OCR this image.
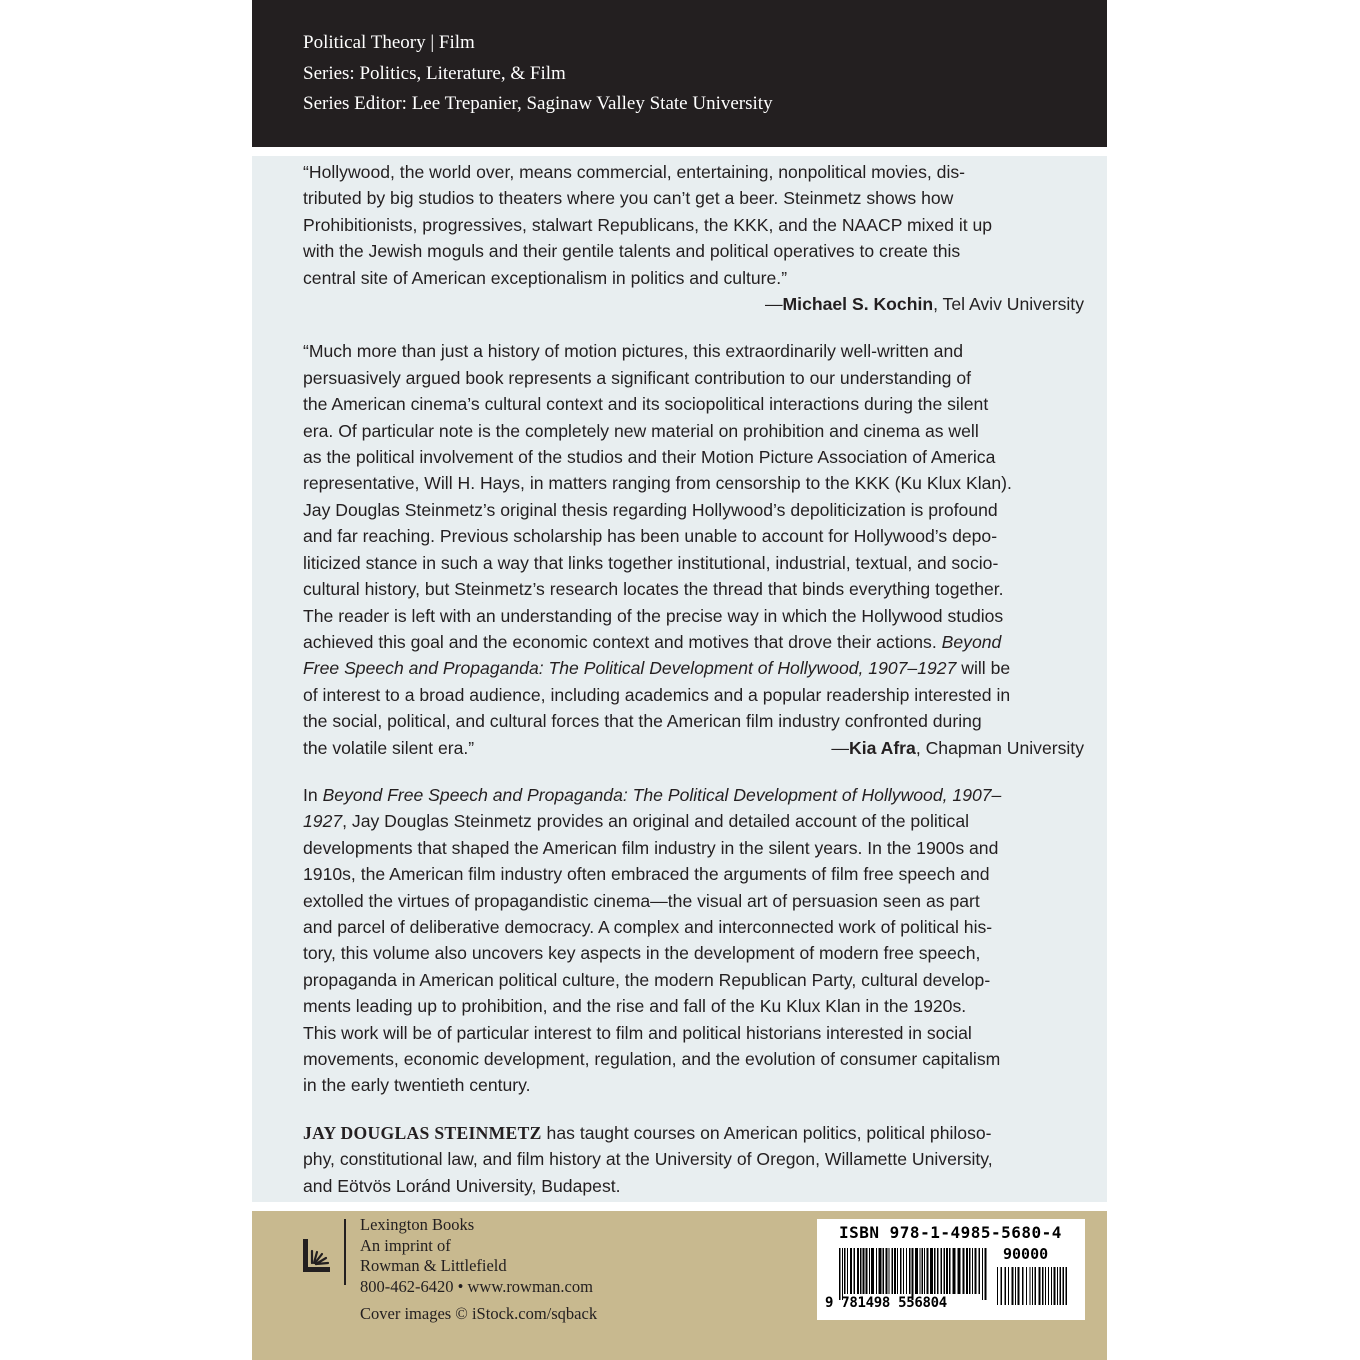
Political Theory | Film
Series: Politics, Literature, & Film
Series Editor: Lee Trepanier, Saginaw Valley State University

“Hollywood, the world over, means commercial, entertaining, nonpolitical movies, dis-

tributed by big studios to theaters where you can’t get a beer. Steinmetz shows how

Prohibitionists, progressives, stalwart Republicans, the KKK, and the NAACP mixed it up

with the Jewish moguls and their gentile talents and political operatives to create this

central site of American exceptionalism in politics and culture.”

—Michael S. Kochin, Tel Aviv University

“Much more than just a history of motion pictures, this extraordinarily well-written and

persuasively argued book represents a significant contribution to our understanding of

the American cinema’s cultural context and its sociopolitical interactions during the silent

era. Of particular note is the completely new material on prohibition and cinema as well

as the political involvement of the studios and their Motion Picture Association of America

representative, Will H. Hays, in matters ranging from censorship to the KKK (Ku Klux Klan).

Jay Douglas Steinmetz’s original thesis regarding Hollywood’s depoliticization is profound

and far reaching. Previous scholarship has been unable to account for Hollywood’s depo-

liticized stance in such a way that links together institutional, industrial, textual, and socio-

cultural history, but Steinmetz’s research locates the thread that binds everything together.

The reader is left with an understanding of the precise way in which the Hollywood studios

achieved this goal and the economic context and motives that drove their actions. Beyond

Free Speech and Propaganda: The Political Development of Hollywood, 1907–1927 will be

of interest to a broad audience, including academics and a popular readership interested in

the social, political, and cultural forces that the American film industry confronted during

the volatile silent era.”	—Kia Afra, Chapman University

In Beyond Free Speech and Propaganda: The Political Development of Hollywood, 1907–

1927, Jay Douglas Steinmetz provides an original and detailed account of the political

developments that shaped the American film industry in the silent years. In the 1900s and

1910s, the American film industry often embraced the arguments of film free speech and

extolled the virtues of propagandistic cinema—the visual art of persuasion seen as part

and parcel of deliberative democracy. A complex and interconnected work of political his-

tory, this volume also uncovers key aspects in the development of modern free speech,

propaganda in American political culture, the modern Republican Party, cultural develop-

ments leading up to prohibition, and the rise and fall of the Ku Klux Klan in the 1920s.

This work will be of particular interest to film and political historians interested in social

movements, economic development, regulation, and the evolution of consumer capitalism

in the early twentieth century.

JAY DOUGLAS STEINMETZ has taught courses on American politics, political philoso-

phy, constitutional law, and film history at the University of Oregon, Willamette University,

and Eötvös Loránd University, Budapest.

Lexington Books
An imprint of
Rowman & Littlefield
800-462-6420 • www.rowman.com
Cover images © iStock.com/sqback
ISBN 978-1-4985-5680-4
90000
9 781498 556804
